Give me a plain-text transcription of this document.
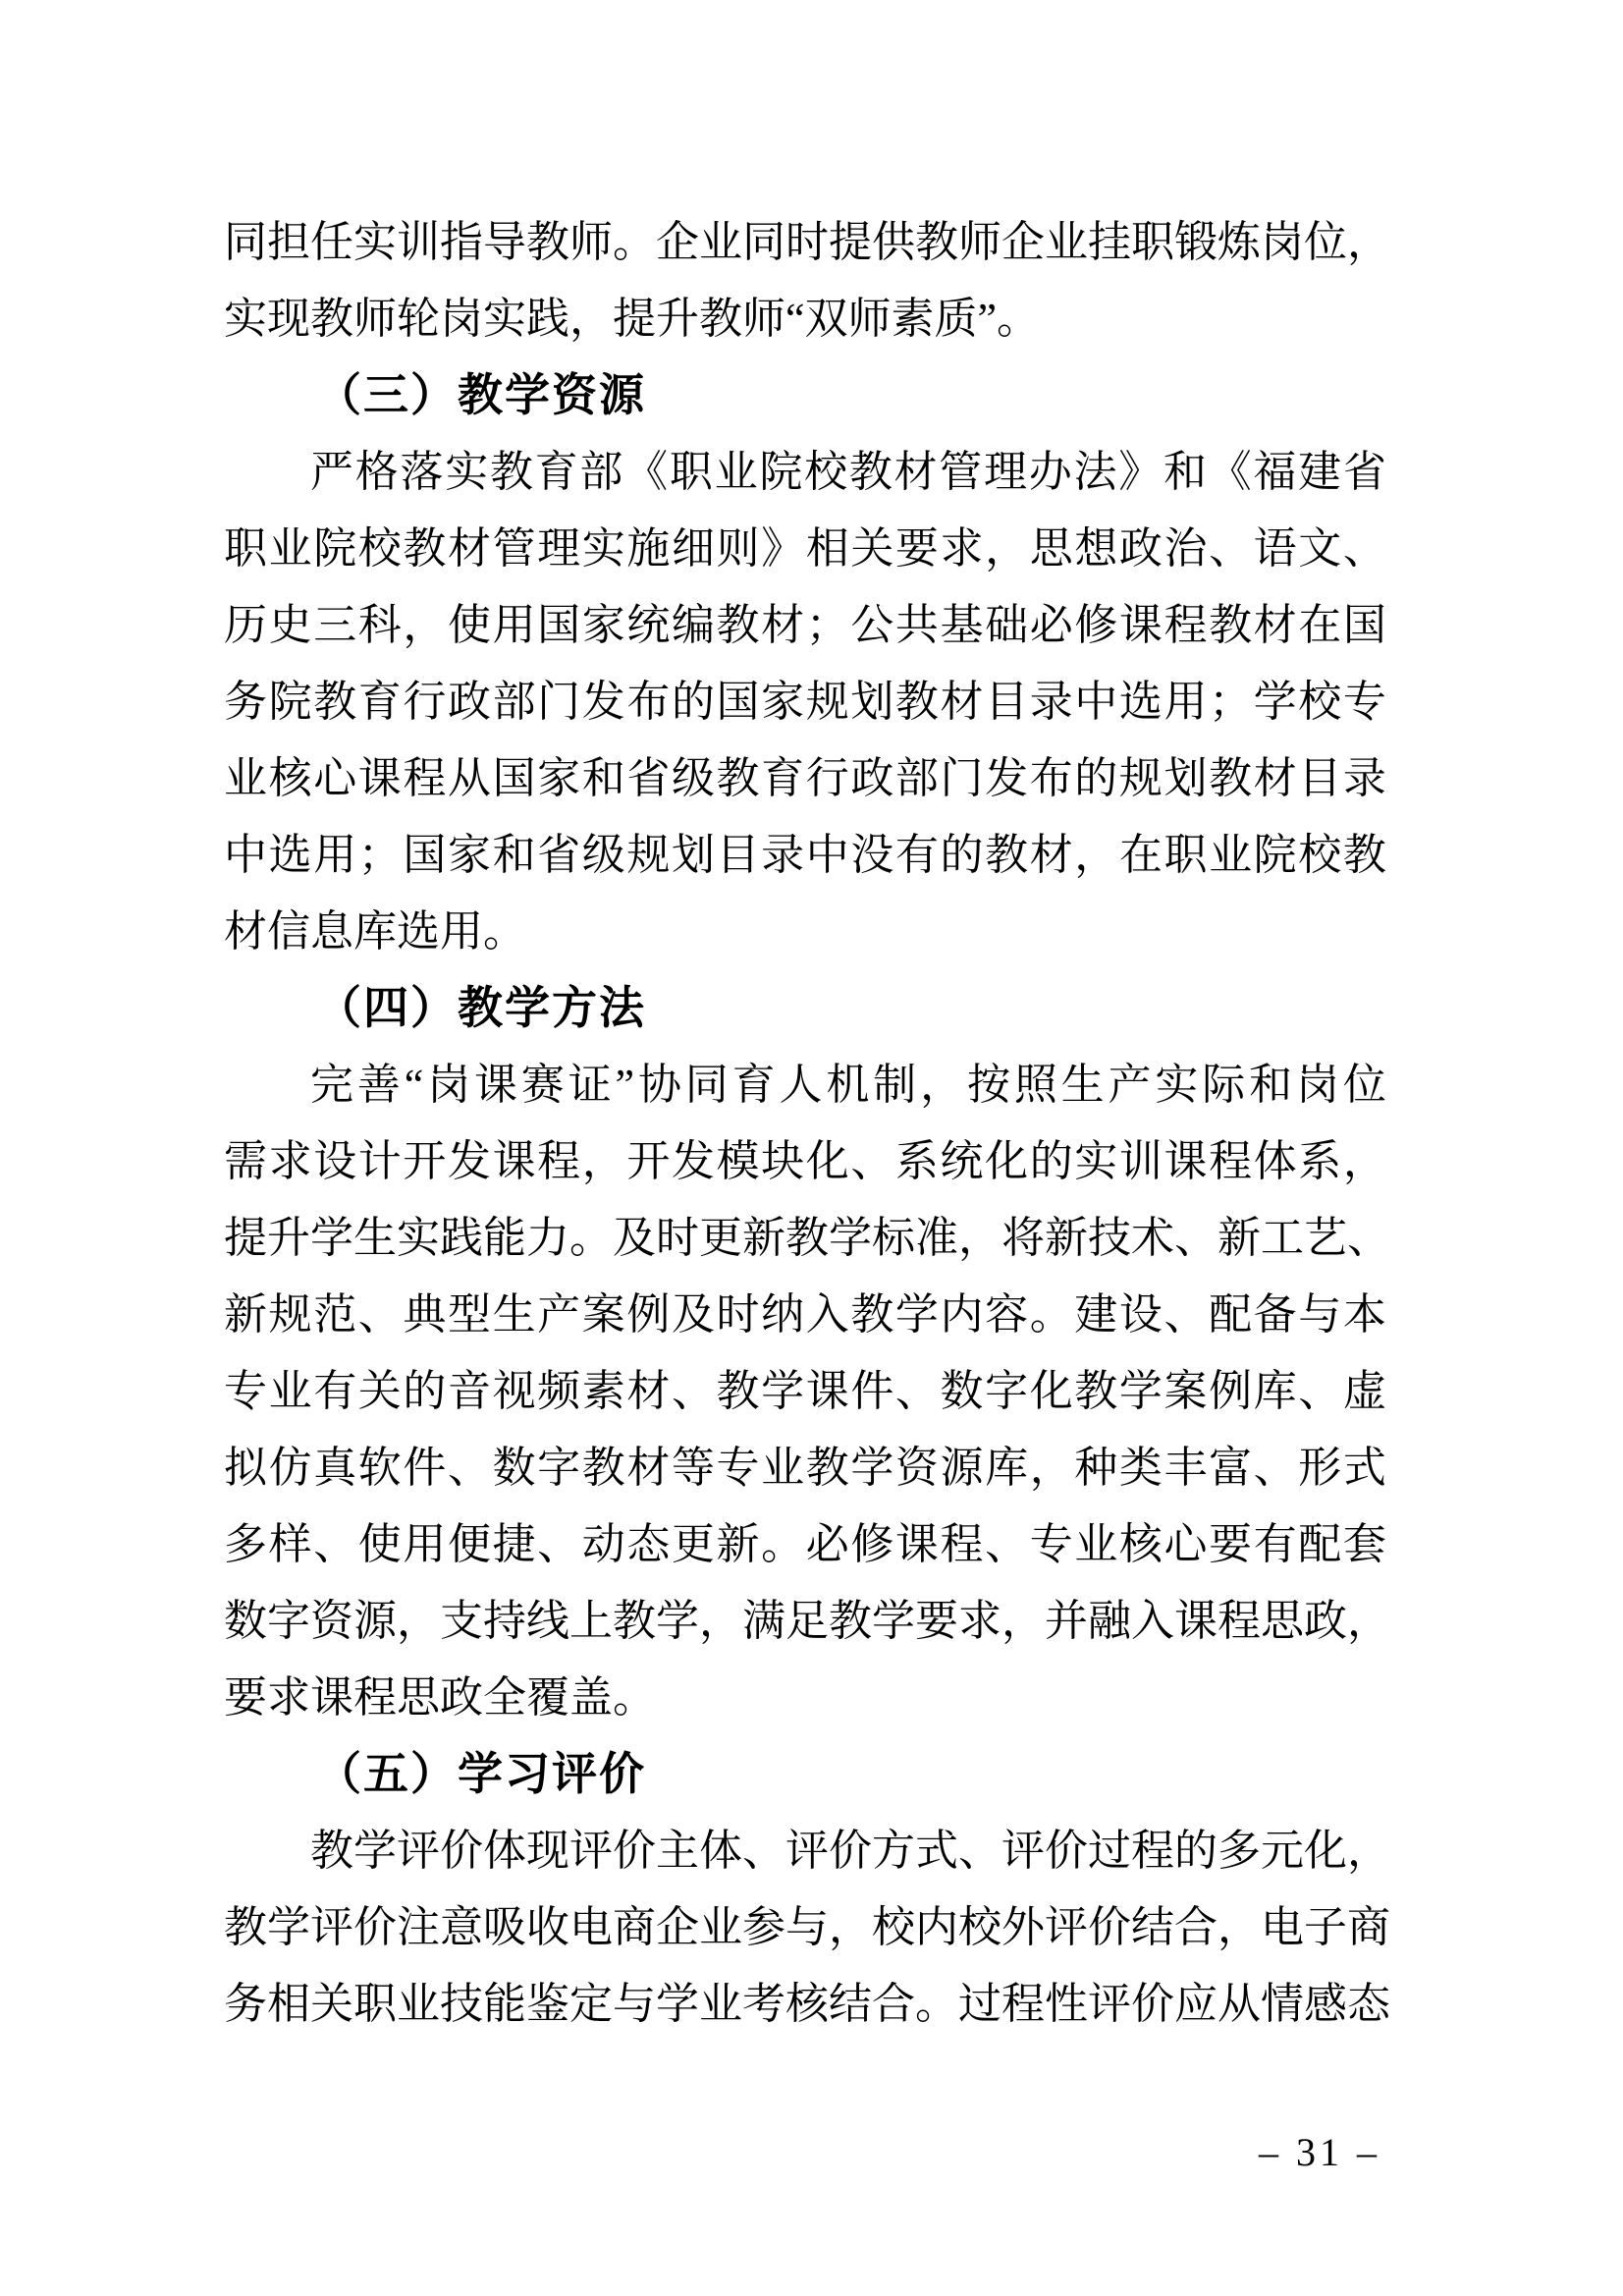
同 担 任 实 训 指 导 教 师 。 企 业 同 时 提 供 教 师 企 业 挂 职 锻 炼 岗 位 ，
实现教师轮岗实践，提升教师“双师素质”。
（三）教学资源
严 格 落 实 教 育 部 《 职 业 院 校 教 材 管 理 办 法 》 和 《 福 建 省
职 业 院 校 教 材 管 理 实 施 细 则 》 相 关 要 求 ， 思 想 政 治 、 语 文 、
历 史 三 科 ， 使 用 国 家 统 编 教 材 ； 公 共 基 础 必 修 课 程 教 材 在 国
务 院 教 育 行 政 部 门 发 布 的 国 家 规 划 教 材 目 录 中 选 用 ； 学 校 专
业 核 心 课 程 从 国 家 和 省 级 教 育 行 政 部 门 发 布 的 规 划 教 材 目 录
中 选 用 ； 国 家 和 省 级 规 划 目 录 中 没 有 的 教 材 ， 在 职 业 院 校 教
材信息库选用。
（四）教学方法
完 善 “ 岗 课 赛 证 ” 协 同 育 人 机 制 ， 按 照 生 产 实 际 和 岗 位
需 求 设 计 开 发 课 程 ， 开 发 模 块 化 、 系 统 化 的 实 训 课 程 体 系 ，
提 升 学 生 实 践 能 力 。 及 时 更 新 教 学 标 准 ， 将 新 技 术 、 新 工 艺 、
新 规 范 、 典 型 生 产 案 例 及 时 纳 入 教 学 内 容 。 建 设 、 配 备 与 本
专 业 有 关 的 音 视 频 素 材 、 教 学 课 件 、 数 字 化 教 学 案 例 库 、 虚
拟 仿 真 软 件 、 数 字 教 材 等 专 业 教 学 资 源 库 ， 种 类 丰 富 、 形 式
多 样 、 使 用 便 捷 、 动 态 更 新 。 必 修 课 程 、 专 业 核 心 要 有 配 套
数 字 资 源 ， 支 持 线 上 教 学 ， 满 足 教 学 要 求 ， 并 融 入 课 程 思 政 ，
要求课程思政全覆盖。
（五）学习评价
教 学 评 价 体 现 评 价 主 体 、 评 价 方 式 、 评 价 过 程 的 多 元 化 ，
教 学 评 价 注 意 吸 收 电 商 企 业 参 与 ， 校 内 校 外 评 价 结 合 ， 电 子 商
务 相 关 职 业 技 能 鉴 定 与 学 业 考 核 结 合 。 过 程 性 评 价 应 从 情 感 态
– 31 –
